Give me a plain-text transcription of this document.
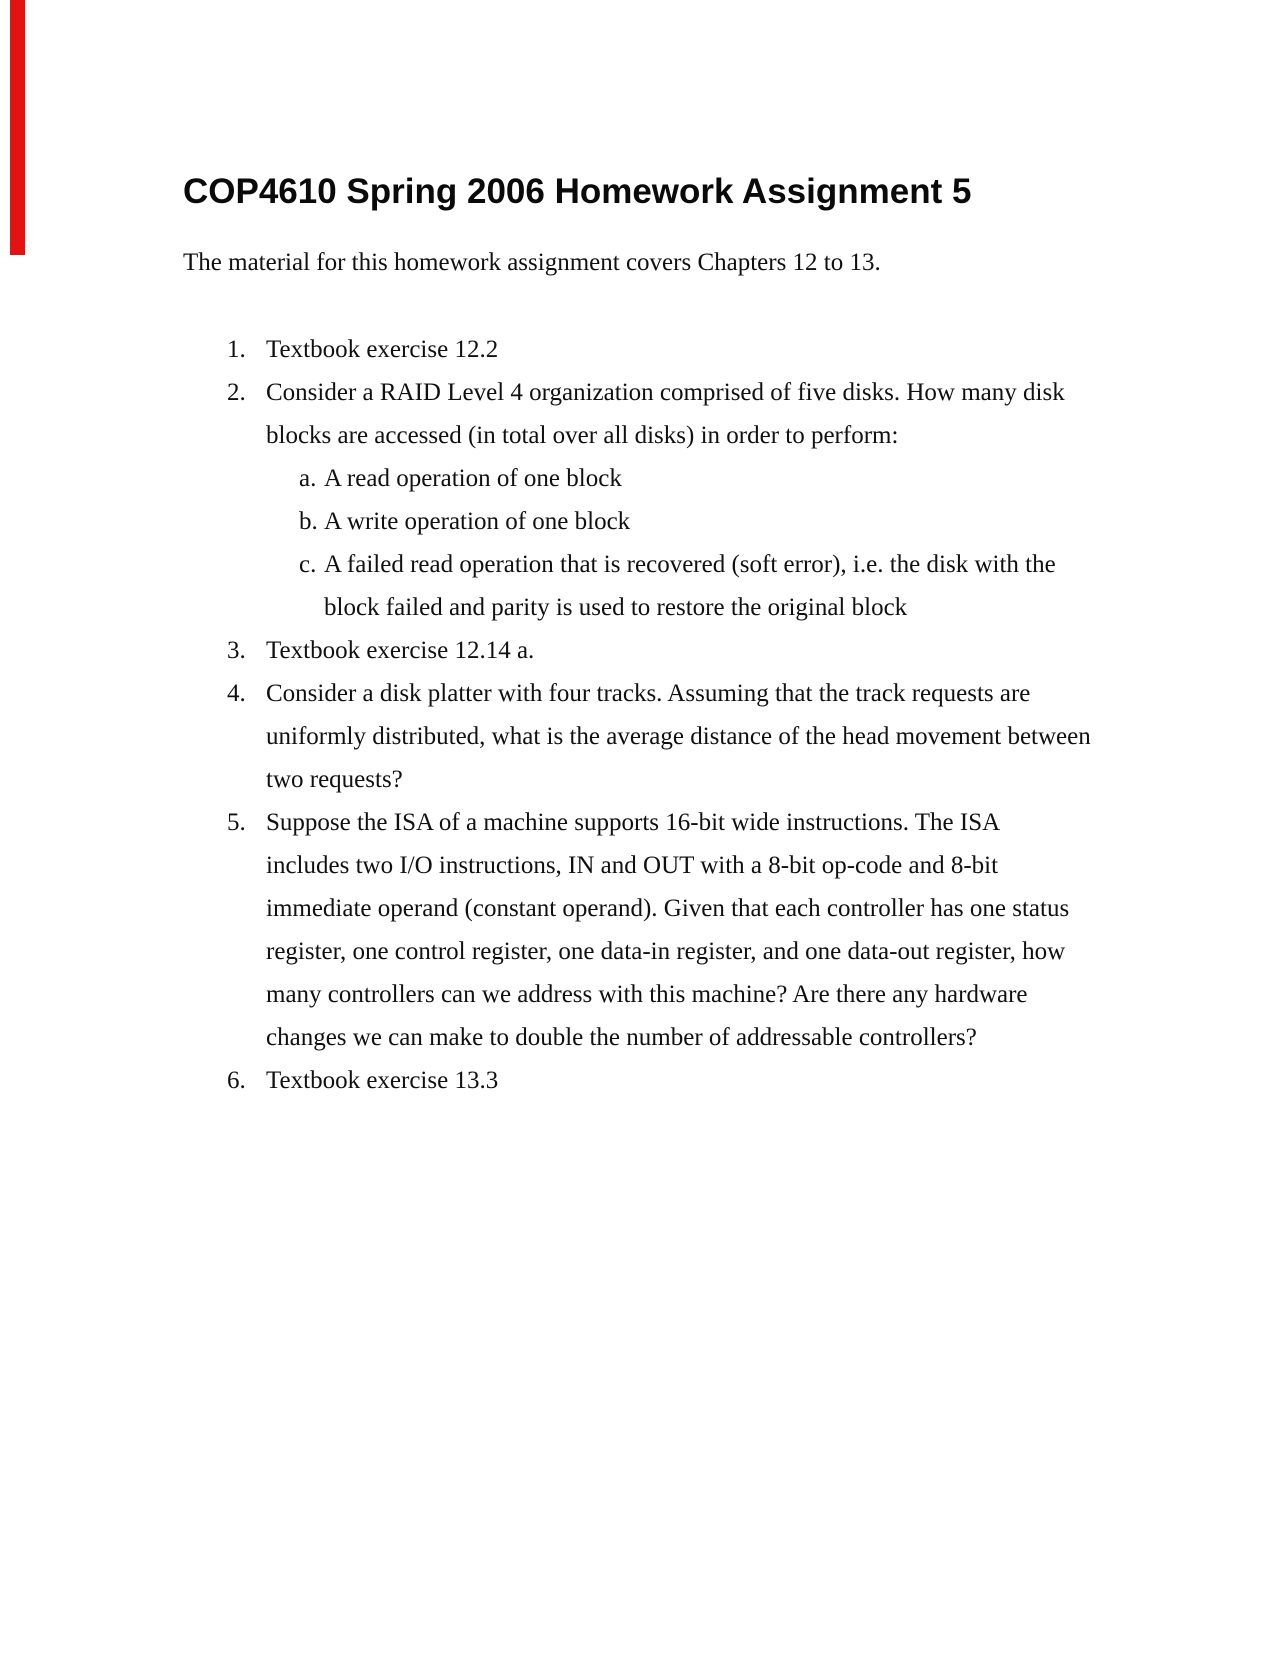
COP4610 Spring 2006 Homework Assignment 5

The material for this homework assignment covers Chapters 12 to 13.

1. Textbook exercise 12.2
2. Consider a RAID Level 4 organization comprised of five disks. How many disk
blocks are accessed (in total over all disks) in order to perform:
a. A read operation of one block
b. A write operation of one block
c. A failed read operation that is recovered (soft error), i.e. the disk with the
block failed and parity is used to restore the original block
3. Textbook exercise 12.14 a.
4. Consider a disk platter with four tracks. Assuming that the track requests are
uniformly distributed, what is the average distance of the head movement between
two requests?
5. Suppose the ISA of a machine supports 16-bit wide instructions. The ISA
includes two I/O instructions, IN and OUT with a 8-bit op-code and 8-bit
immediate operand (constant operand). Given that each controller has one status
register, one control register, one data-in register, and one data-out register, how
many controllers can we address with this machine? Are there any hardware
changes we can make to double the number of addressable controllers?
6. Textbook exercise 13.3
